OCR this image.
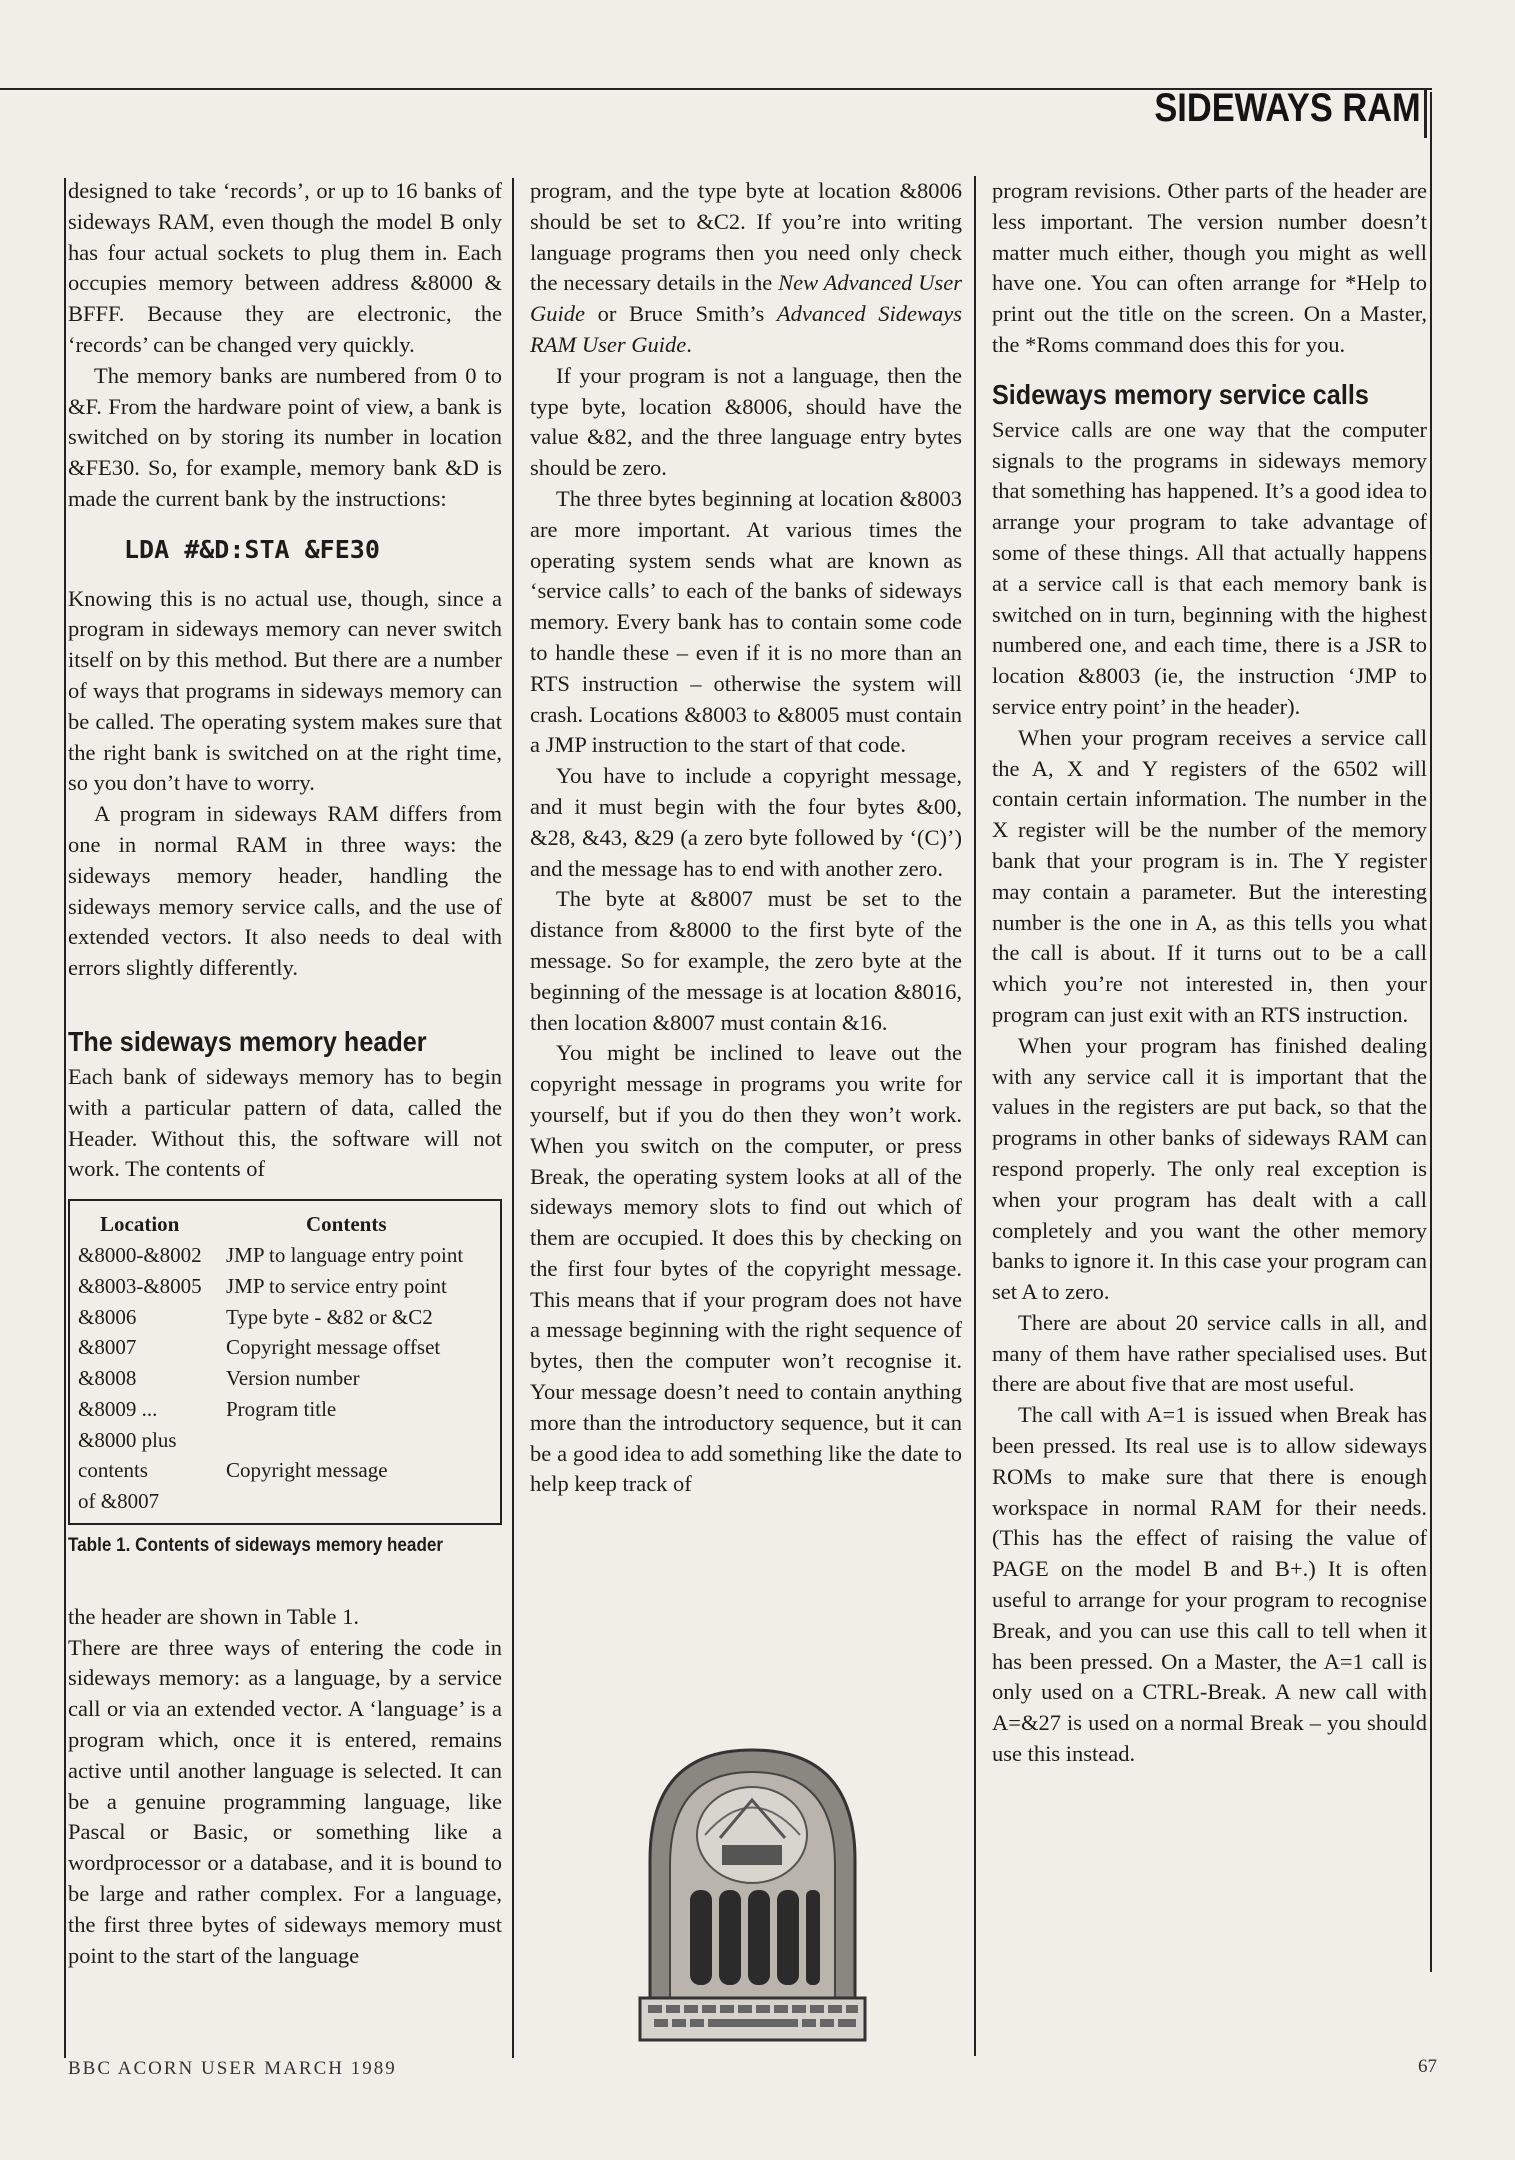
SIDEWAYS RAM

designed to take ‘records’, or up to 16 banks of sideways RAM, even though the model B only has four actual sockets to plug them in. Each occupies memory between address &8000 & BFFF. Because they are electronic, the ‘records’ can be changed very quickly.

The memory banks are numbered from 0 to &F. From the hardware point of view, a bank is switched on by storing its number in location &FE30. So, for example, memory bank &D is made the current bank by the instructions:

LDA #&D:STA &FE30

Knowing this is no actual use, though, since a program in sideways memory can never switch itself on by this method. But there are a number of ways that programs in sideways memory can be called. The operating system makes sure that the right bank is switched on at the right time, so you don’t have to worry.

A program in sideways RAM differs from one in normal RAM in three ways: the sideways memory header, handling the sideways memory service calls, and the use of extended vectors. It also needs to deal with errors slightly differently.

The sideways memory header

Each bank of sideways memory has to begin with a particular pattern of data, called the Header. Without this, the software will not work. The contents of

Location	Contents
&8000-&8002	JMP to language entry point
&8003-&8005	JMP to service entry point
&8006	Type byte - &82 or &C2
&8007	Copyright message offset
&8008	Version number
&8009 ...	Program title
&8000 plus
contents	Copyright message
of &8007
Table 1. Contents of sideways memory header

the header are shown in Table 1.

There are three ways of entering the code in sideways memory: as a language, by a service call or via an extended vector. A ‘language’ is a program which, once it is entered, remains active until another language is selected. It can be a genuine programming language, like Pascal or Basic, or something like a wordprocessor or a database, and it is bound to be large and rather complex. For a language, the first three bytes of sideways memory must point to the start of the language

program, and the type byte at location &8006 should be set to &C2. If you’re into writing language programs then you need only check the necessary details in the New Advanced User Guide or Bruce Smith’s Advanced Sideways RAM User Guide.

If your program is not a language, then the type byte, location &8006, should have the value &82, and the three language entry bytes should be zero.

The three bytes beginning at location &8003 are more important. At various times the operating system sends what are known as ‘service calls’ to each of the banks of sideways memory. Every bank has to contain some code to handle these – even if it is no more than an RTS instruction – otherwise the system will crash. Locations &8003 to &8005 must contain a JMP instruction to the start of that code.

You have to include a copyright message, and it must begin with the four bytes &00, &28, &43, &29 (a zero byte followed by ‘(C)’) and the message has to end with another zero.

The byte at &8007 must be set to the distance from &8000 to the first byte of the message. So for example, the zero byte at the beginning of the message is at location &8016, then location &8007 must contain &16.

You might be inclined to leave out the copyright message in programs you write for yourself, but if you do then they won’t work. When you switch on the computer, or press Break, the operating system looks at all of the sideways memory slots to find out which of them are occupied. It does this by checking on the first four bytes of the copyright message. This means that if your program does not have a message beginning with the right sequence of bytes, then the computer won’t recognise it. Your message doesn’t need to contain anything more than the introductory sequence, but it can be a good idea to add something like the date to help keep track of

program revisions. Other parts of the header are less important. The version number doesn’t matter much either, though you might as well have one. You can often arrange for *Help to print out the title on the screen. On a Master, the *Roms command does this for you.

Sideways memory service calls

Service calls are one way that the computer signals to the programs in sideways memory that something has happened. It’s a good idea to arrange your program to take advantage of some of these things. All that actually happens at a service call is that each memory bank is switched on in turn, beginning with the highest numbered one, and each time, there is a JSR to location &8003 (ie, the instruction ‘JMP to service entry point’ in the header).

When your program receives a service call the A, X and Y registers of the 6502 will contain certain information. The number in the X register will be the number of the memory bank that your program is in. The Y register may contain a parameter. But the interesting number is the one in A, as this tells you what the call is about. If it turns out to be a call which you’re not interested in, then your program can just exit with an RTS instruction.

When your program has finished dealing with any service call it is important that the values in the registers are put back, so that the programs in other banks of sideways RAM can respond properly. The only real exception is when your program has dealt with a call completely and you want the other memory banks to ignore it. In this case your program can set A to zero.

There are about 20 service calls in all, and many of them have rather specialised uses. But there are about five that are most useful.

The call with A=1 is issued when Break has been pressed. Its real use is to allow sideways ROMs to make sure that there is enough workspace in normal RAM for their needs. (This has the effect of raising the value of PAGE on the model B and B+.) It is often useful to arrange for your program to recognise Break, and you can use this call to tell when it has been pressed. On a Master, the A=1 call is only used on a CTRL-Break. A new call with A=&27 is used on a normal Break – you should use this instead.

BBC ACORN USER MARCH 1989	67
